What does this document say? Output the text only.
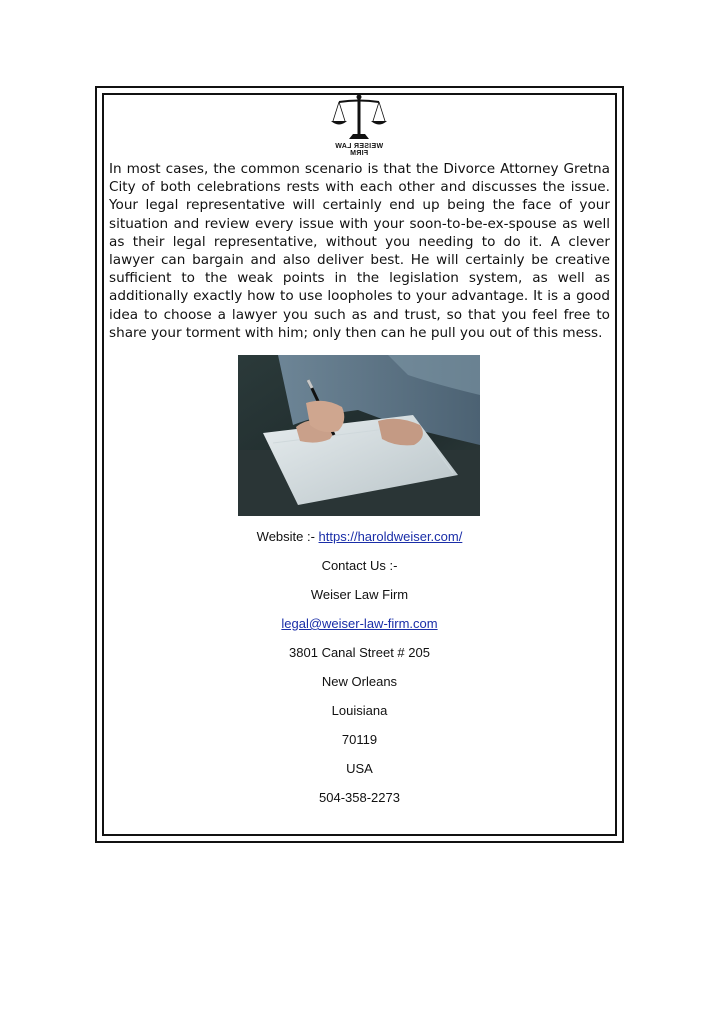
WEISER LAW FIRM

In most cases, the common scenario is that the Divorce Attorney Gretna City of both celebrations rests with each other and discusses the issue. Your legal representative will certainly end up being the face of your situation and review every issue with your soon-to-be-ex-spouse as well as their legal representative, without you needing to do it. A clever lawyer can bargain and also deliver best. He will certainly be creative sufficient to the weak points in the legislation system, as well as additionally exactly how to use loopholes to your advantage. It is a good idea to choose a lawyer you such as and trust, so that you feel free to share your torment with him; only then can he pull you out of this mess.

Website :- https://haroldweiser.com/
Contact Us :-
Weiser Law Firm
legal@weiser-law-firm.com
3801 Canal Street # 205
New Orleans
Louisiana
70119
USA
504-358-2273
